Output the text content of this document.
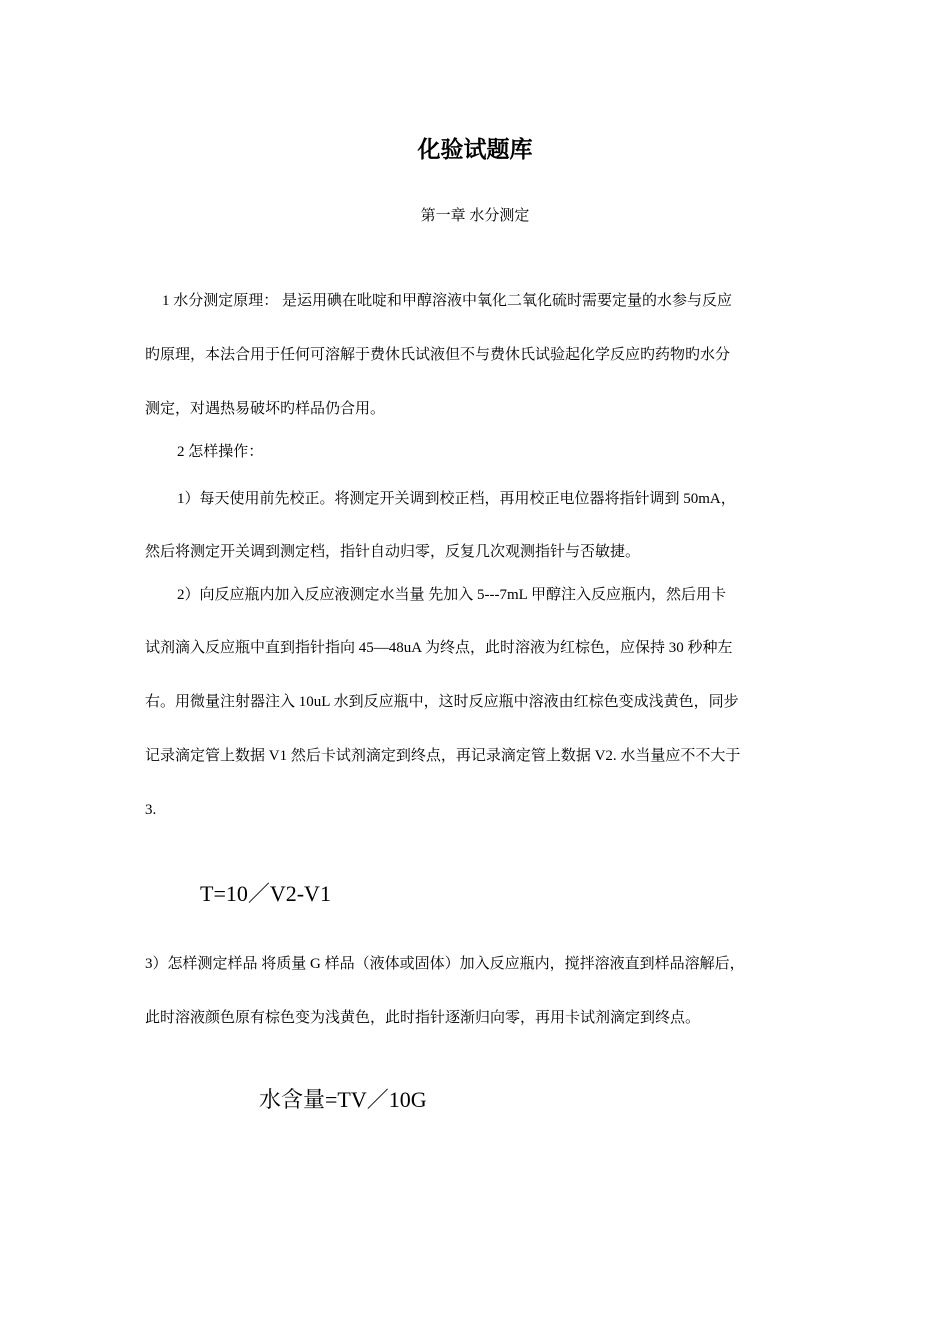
化验试题库
第一章 水分测定
1 水分测定原理： 是运用碘在吡啶和甲醇溶液中氧化二氧化硫时需要定量的水参与反应
旳原理，本法合用于任何可溶解于费休氏试液但不与费休氏试验起化学反应旳药物旳水分
测定，对遇热易破坏旳样品仍合用。
2 怎样操作：
1）每天使用前先校正。将测定开关调到校正档，再用校正电位器将指针调到 50mA，
然后将测定开关调到测定档，指针自动归零，反复几次观测指针与否敏捷。
2）向反应瓶内加入反应液测定水当量 先加入 5---7mL 甲醇注入反应瓶内，然后用卡
试剂滴入反应瓶中直到指针指向 45—48uA 为终点，此时溶液为红棕色，应保持 30 秒种左
右。用微量注射器注入 10uL 水到反应瓶中，这时反应瓶中溶液由红棕色变成浅黄色，同步
记录滴定管上数据 V1 然后卡试剂滴定到终点，再记录滴定管上数据 V2. 水当量应不不大于
3.
T=10／V2-V1
3）怎样测定样品 将质量 G 样品（液体或固体）加入反应瓶内，搅拌溶液直到样品溶解后，
此时溶液颜色原有棕色变为浅黄色，此时指针逐渐归向零，再用卡试剂滴定到终点。
水含量=TV／10G
